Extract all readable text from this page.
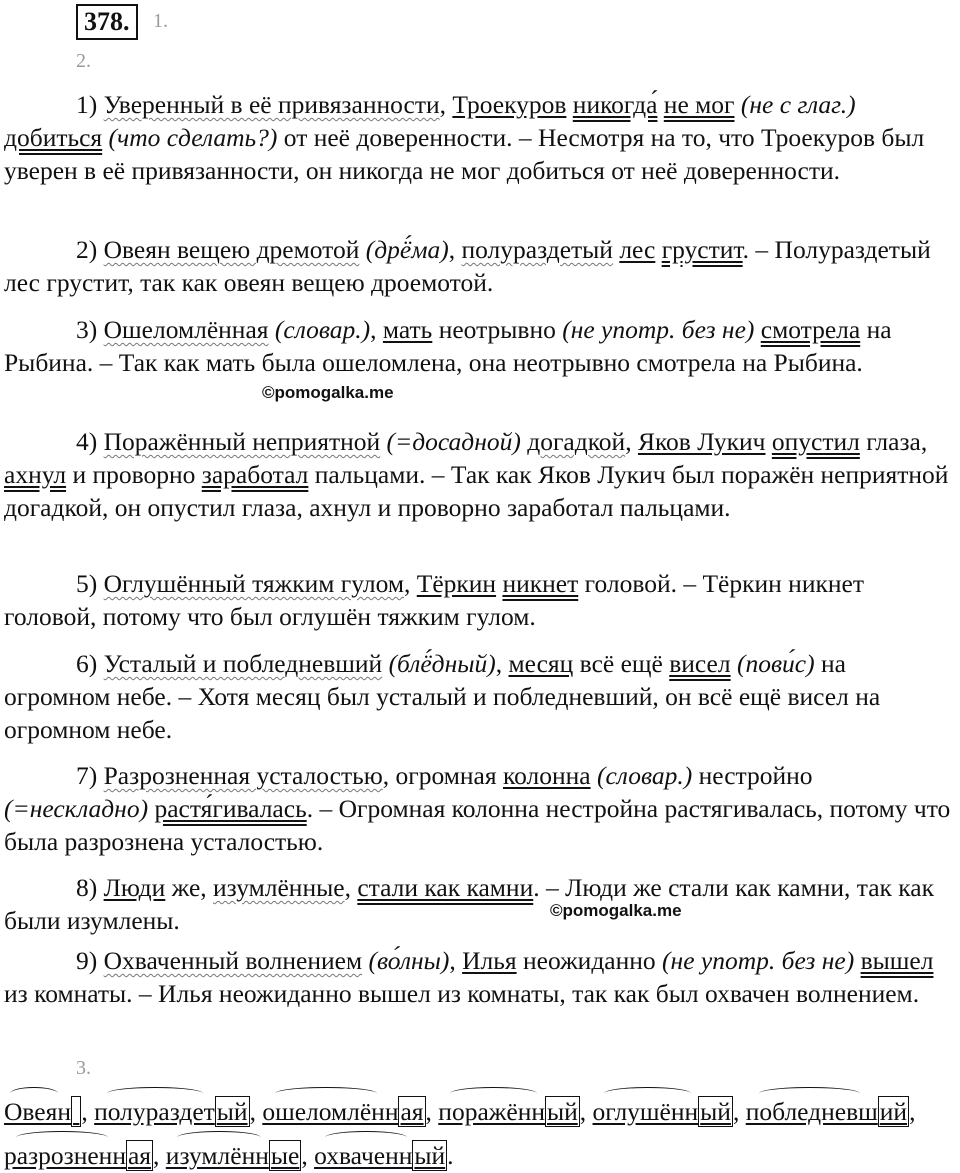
378.	1.
2.

1) Уверенный в её привязанности, Троекуров никогда́ не мог (не с глаг.) добиться (что сделать?) от неё доверенности. – Несмотря на то, что Троекуров был уверен в её привязанности, он никогда не мог добиться от неё доверенности.

2) Овеян вещею дремотой (дрё́ма), полураздетый лес грустит. – Полураздетый лес грустит, так как овеян вещею дроемотой.

3) Ошеломлённая (словар.), мать неотрывно (не употр. без не) смотрела на Рыбина. – Так как мать была ошеломлена, она неотрывно смотрела на Рыбина.

4) Поражённый неприятной (=досадной) догадкой, Яков Лукич опустил глаза, ахнул и проворно заработал пальцами. – Так как Яков Лукич был поражён неприятной догадкой, он опустил глаза, ахнул и проворно заработал пальцами.

5) Оглушённый тяжким гулом, Тёркин никнет головой. – Тёркин никнет головой, потому что был оглушён тяжким гулом.

6) Усталый и побледневший (блё́дный), месяц всё ещё висел (пови́с) на огромном небе. – Хотя месяц был усталый и побледневший, он всё ещё висел на огромном небе.

7) Разрозненная усталостью, огромная колонна (словар.) нестройно (=нескладно) растя́гивалась. – Огромная колонна нестройна растягивалась, потому что была разрознена усталостью.

8) Люди же, изумлённые, стали как камни. – Люди же стали как камни, так как были изумлены.

9) Охваченный волнением (во́лны), Илья неожиданно (не употр. без не) вышел из комнаты. – Илья неожиданно вышел из комнаты, так как был охвачен волнением.

©pomogalka.me
©pomogalka.me
3.
Овеян , полураздетый, ошеломлённая, поражённый, оглушённый, побледневший, разрозненная, изумлённые, охваченный.
